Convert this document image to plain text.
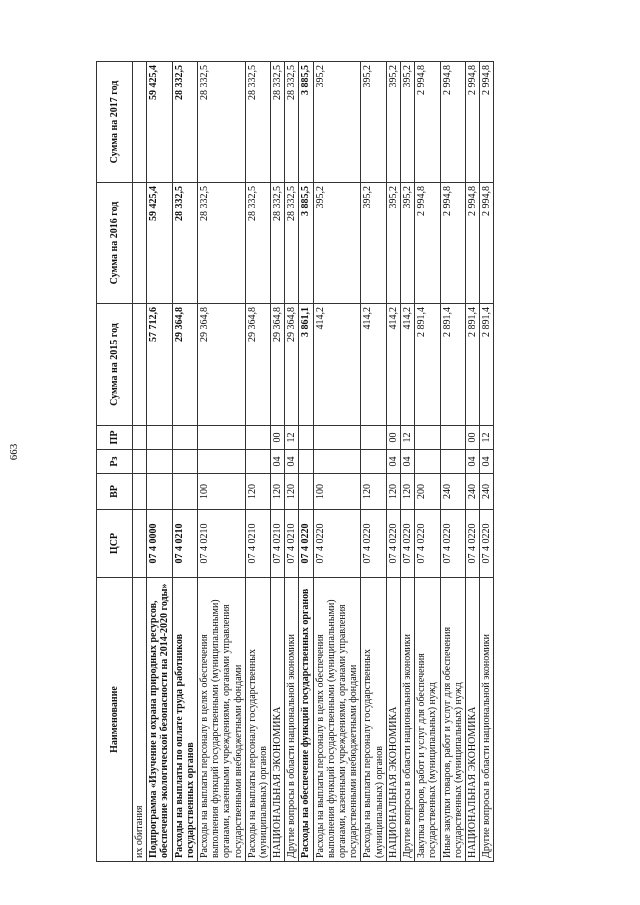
663
Наименование	ЦСР	ВР	Рз	ПР	Сумма на 2015 год	Сумма на 2016 год	Сумма на 2017 год
их обитания							
Подпрограмма «Изучение и охрана природных ресурсов, обеспечение экологической безопасности на 2014-2020 годы»	07 4 0000				57 712,6	59 425,4	59 425,4
Расходы на выплаты по оплате труда работников государственных органов	07 4 0210				29 364,8	28 332,5	28 332,5
Расходы на выплаты персоналу в целях обеспечения выполнения функций государственными (муниципальными) органами, казенными учреждениями, органами управления государственными внебюджетными фондами	07 4 0210	100			29 364,8	28 332,5	28 332,5
Расходы на выплаты персоналу государственных (муниципальных) органов	07 4 0210	120			29 364,8	28 332,5	28 332,5
НАЦИОНАЛЬНАЯ ЭКОНОМИКА	07 4 0210	120	04	00	29 364,8	28 332,5	28 332,5
Другие вопросы в области национальной экономики	07 4 0210	120	04	12	29 364,8	28 332,5	28 332,5
Расходы на обеспечение функций государственных органов	07 4 0220				3 861,1	3 885,5	3 885,5
Расходы на выплаты персоналу в целях обеспечения выполнения функций государственными (муниципальными) органами, казенными учреждениями, органами управления государственными внебюджетными фондами	07 4 0220	100			414,2	395,2	395,2
Расходы на выплаты персоналу государственных (муниципальных) органов	07 4 0220	120			414,2	395,2	395,2
НАЦИОНАЛЬНАЯ ЭКОНОМИКА	07 4 0220	120	04	00	414,2	395,2	395,2
Другие вопросы в области национальной экономики	07 4 0220	120	04	12	414,2	395,2	395,2
Закупка товаров, работ и услуг для обеспечения государственных (муниципальных) нужд	07 4 0220	200			2 891,4	2 994,8	2 994,8
Иные закупки товаров, работ и услуг для обеспечения государственных (муниципальных) нужд	07 4 0220	240			2 891,4	2 994,8	2 994,8
НАЦИОНАЛЬНАЯ ЭКОНОМИКА	07 4 0220	240	04	00	2 891,4	2 994,8	2 994,8
Другие вопросы в области национальной экономики	07 4 0220	240	04	12	2 891,4	2 994,8	2 994,8
